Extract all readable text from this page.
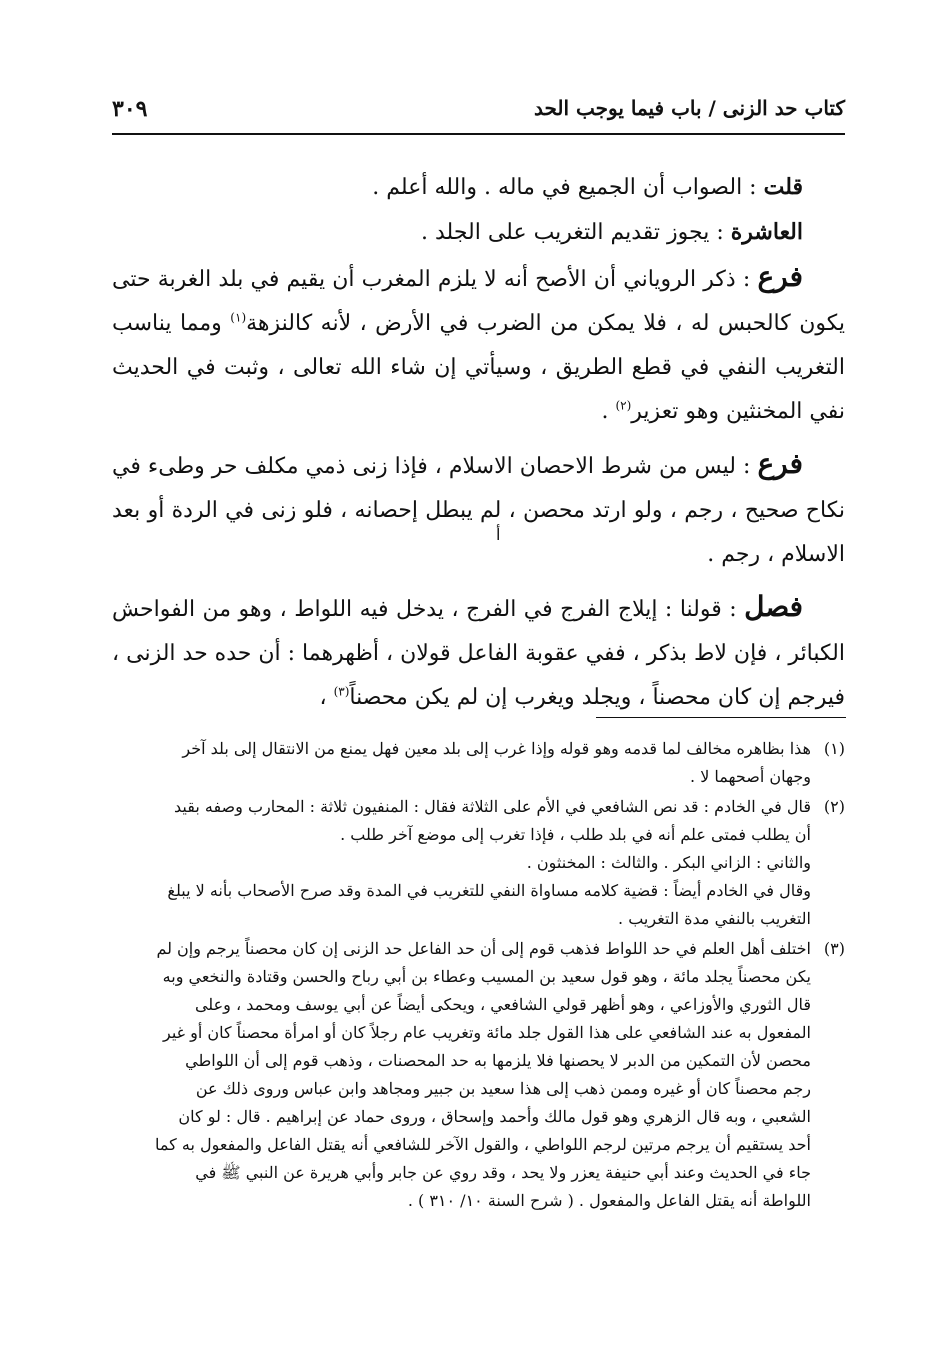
كتاب حد الزنى / باب فيما يوجب الحد
٣٠٩

قلت : الصواب أن الجميع في ماله . والله أعلم .

العاشرة : يجوز تقديم التغريب على الجلد .

فرع : ذكر الروياني أن الأصح أنه لا يلزم المغرب أن يقيم في بلد الغربة حتى يكون كالحبس له ، فلا يمكن من الضرب في الأرض ، لأنه كالنزهة$^{(١)}$ ومما يناسب التغريب النفي في قطع الطريق ، وسيأتي إن شاء الله تعالى ، وثبت في الحديث نفي المخنثين وهو تعزير$^{(٢)}$ .

فرع : ليس من شرط الاحصان الاسلام ، فإذا زنى ذمي مكلف حر وطىء في نكاح صحيح ، رجم ، ولو ارتد محصن ، لم يبطل إحصانه ، فلو زنى في الردة أو بعد الاسلام ، رجم .

فصل : قولنا : إيلاج الفرج في الفرج ، يدخل فيه اللواط ، وهو من الفواحش الكبائر ، فإن لاط بذكر ، ففي عقوبة الفاعل قولان ، أظهرهما : أن حده حد الزنى ، فيرجم إن كان محصناً ، ويجلد ويغرب إن لم يكن محصناً$^{(٣)}$ ،

أ
(١)
هذا بظاهره مخالف لما قدمه وهو قوله وإذا غرب إلى بلد معين فهل يمنع من الانتقال إلى بلد آخر
وجهان أصحهما لا .
(٢)
قال في الخادم : قد نص الشافعي في الأم على الثلاثة فقال : المنفيون ثلاثة : المحارب وصفه بقيد
أن يطلب فمتى علم أنه في بلد طلب ، فإذا تغرب إلى موضع آخر طلب .
والثاني : الزاني البكر . والثالث : المخنثون .
وقال في الخادم أيضاً : قضية كلامه مساواة النفي للتغريب في المدة وقد صرح الأصحاب بأنه لا يبلغ
التغريب بالنفي مدة التغريب .
(٣)
اختلف أهل العلم في حد اللواط فذهب قوم إلى أن حد الفاعل حد الزنى إن كان محصناً يرجم وإن لم
يكن محصناً يجلد مائة ، وهو قول سعيد بن المسيب وعطاء بن أبي رباح والحسن وقتادة والنخعي وبه
قال الثوري والأوزاعي ، وهو أظهر قولي الشافعي ، ويحكى أيضاً عن أبي يوسف ومحمد ، وعلى
المفعول به عند الشافعي على هذا القول جلد مائة وتغريب عام رجلاً كان أو امرأة محصناً كان أو غير
محصن لأن التمكين من الدبر لا يحصنها فلا يلزمها به حد المحصنات ، وذهب قوم إلى أن اللواطي
رجم محصناً كان أو غيره وممن ذهب إلى هذا سعيد بن جبير ومجاهد وابن عباس وروى ذلك عن
الشعبي ، وبه قال الزهري وهو قول مالك وأحمد وإسحاق ، وروى حماد عن إبراهيم . قال : لو كان
أحد يستقيم أن يرجم مرتين لرجم اللواطي ، والقول الآخر للشافعي أنه يقتل الفاعل والمفعول به كما
جاء في الحديث وعند أبي حنيفة يعزر ولا يحد ، وقد روي عن جابر وأبي هريرة عن النبي ﷺ في
اللواطة أنه يقتل الفاعل والمفعول . ( شرح السنة ١٠/ ٣١٠ ) .
